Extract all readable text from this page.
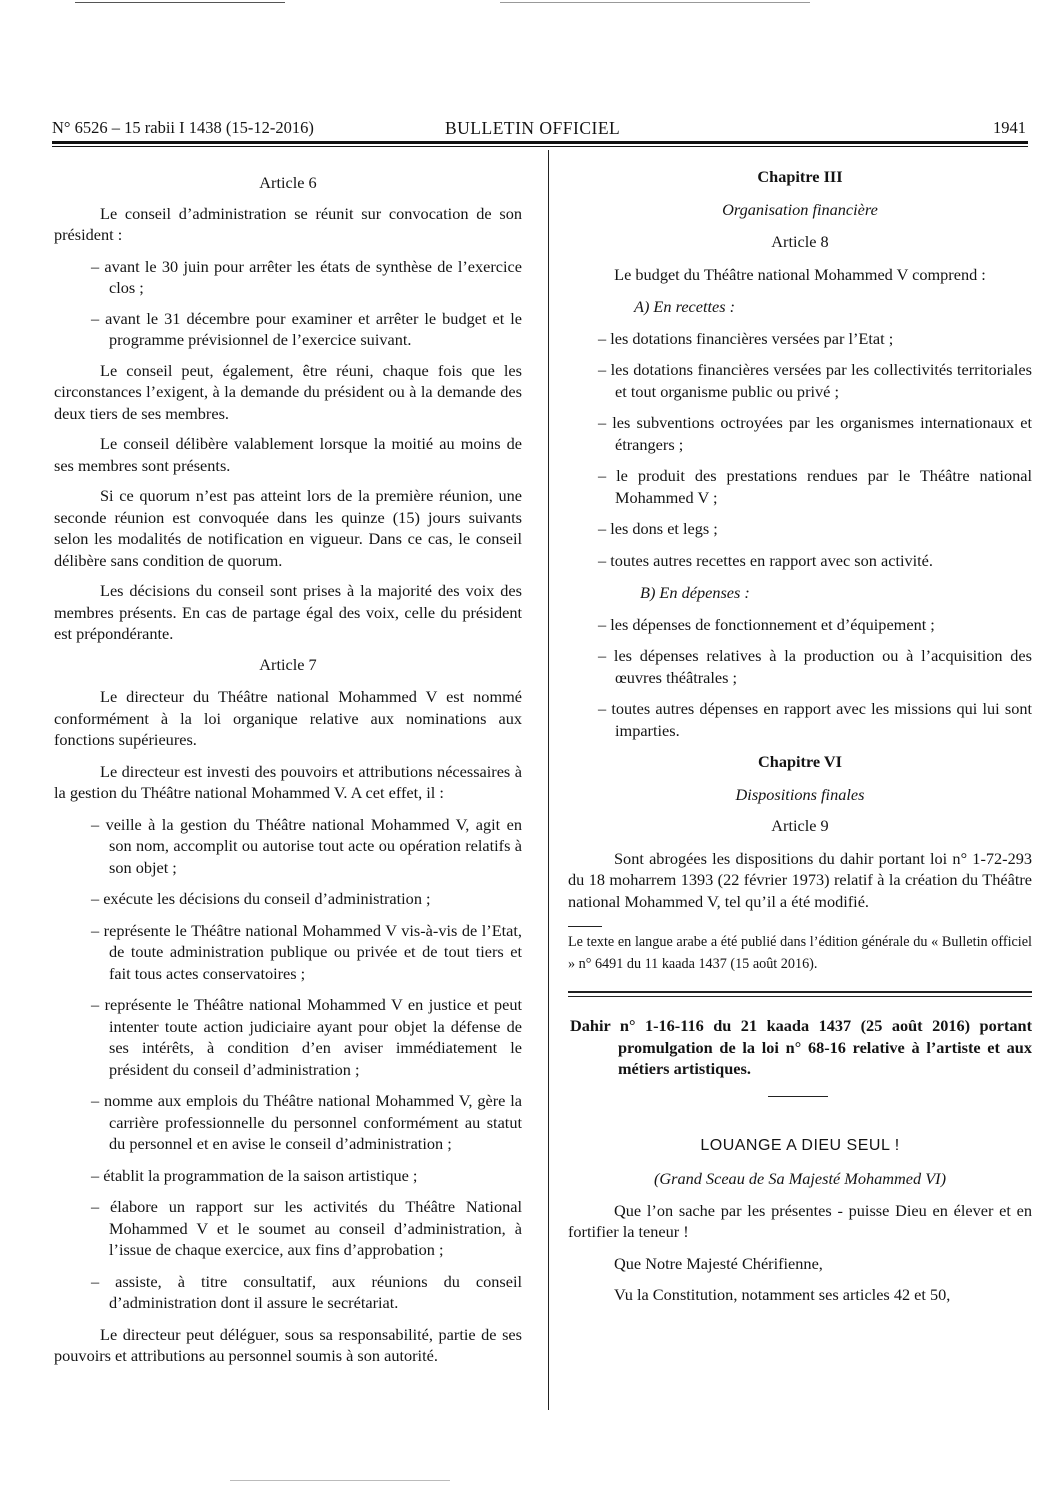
N° 6526 – 15 rabii I 1438 (15-12-2016)	BULLETIN OFFICIEL	1941

Article 6

Le conseil d’administration se réunit sur convocation de son président :

– avant le 30 juin pour arrêter les états de synthèse de l’exercice clos ;

– avant le 31 décembre pour examiner et arrêter le budget et le programme prévisionnel de l’exercice suivant.

Le conseil peut, également, être réuni, chaque fois que les circonstances l’exigent, à la demande du président ou à la demande des deux tiers de ses membres.

Le conseil délibère valablement lorsque la moitié au moins de ses membres sont présents.

Si ce quorum n’est pas atteint lors de la première réunion, une seconde réunion est convoquée dans les quinze (15) jours suivants selon les modalités de notification en vigueur. Dans ce cas, le conseil délibère sans condition de quorum.

Les décisions du conseil sont prises à la majorité des voix des membres présents. En cas de partage égal des voix, celle du président est prépondérante.

Article 7

Le directeur du Théâtre national Mohammed V est nommé conformément à la loi organique relative aux nominations aux fonctions supérieures.

Le directeur est investi des pouvoirs et attributions nécessaires à la gestion du Théâtre national Mohammed V. A cet effet, il :

– veille à la gestion du Théâtre national Mohammed V, agit en son nom, accomplit ou autorise tout acte ou opération relatifs à son objet ;

– exécute les décisions du conseil d’administration ;

– représente le Théâtre national Mohammed V vis-à-vis de l’Etat, de toute administration publique ou privée et de tout tiers et fait tous actes conservatoires ;

– représente le Théâtre national Mohammed V en justice et peut intenter toute action judiciaire ayant pour objet la défense de ses intérêts, à condition d’en aviser immédiatement le président du conseil d’administration ;

– nomme aux emplois du Théâtre national Mohammed V, gère la carrière professionnelle du personnel conformément au statut du personnel et en avise le conseil d’administration ;

– établit la programmation de la saison artistique ;

– élabore un rapport sur les activités du Théâtre National Mohammed V et le soumet au conseil d’administration, à l’issue de chaque exercice, aux fins d’approbation ;

– assiste, à titre consultatif, aux réunions du conseil d’administration dont il assure le secrétariat.

Le directeur peut déléguer, sous sa responsabilité, partie de ses pouvoirs et attributions au personnel soumis à son autorité.

Chapitre III

Organisation financière

Article 8

Le budget du Théâtre national Mohammed V comprend :

A) En recettes :

– les dotations financières versées par l’Etat ;

– les dotations financières versées par les collectivités territoriales et tout organisme public ou privé ;

– les subventions octroyées par les organismes internationaux et étrangers ;

– le produit des prestations rendues par le Théâtre national Mohammed V ;

– les dons et legs ;

– toutes autres recettes en rapport avec son activité.

B) En dépenses :

– les dépenses de fonctionnement et d’équipement ;

– les dépenses relatives à la production ou à l’acquisition des œuvres théâtrales ;

– toutes autres dépenses en rapport avec les missions qui lui sont imparties.

Chapitre VI

Dispositions finales

Article 9

Sont abrogées les dispositions du dahir portant loi n° 1-72-293 du 18 moharrem 1393 (22 février 1973) relatif à la création du Théâtre national Mohammed V, tel qu’il a été modifié.

Le texte en langue arabe a été publié dans l’édition générale du « Bulletin officiel » n° 6491 du 11 kaada 1437 (15 août 2016).

Dahir n° 1-16-116 du 21 kaada 1437 (25 août 2016) portant promulgation de la loi n° 68-16 relative à l’artiste et aux métiers artistiques.

LOUANGE A DIEU SEUL !

(Grand Sceau de Sa Majesté Mohammed VI)

Que l’on sache par les présentes - puisse Dieu en élever et en fortifier la teneur !

Que Notre Majesté Chérifienne,

Vu la Constitution, notamment ses articles 42 et 50,
